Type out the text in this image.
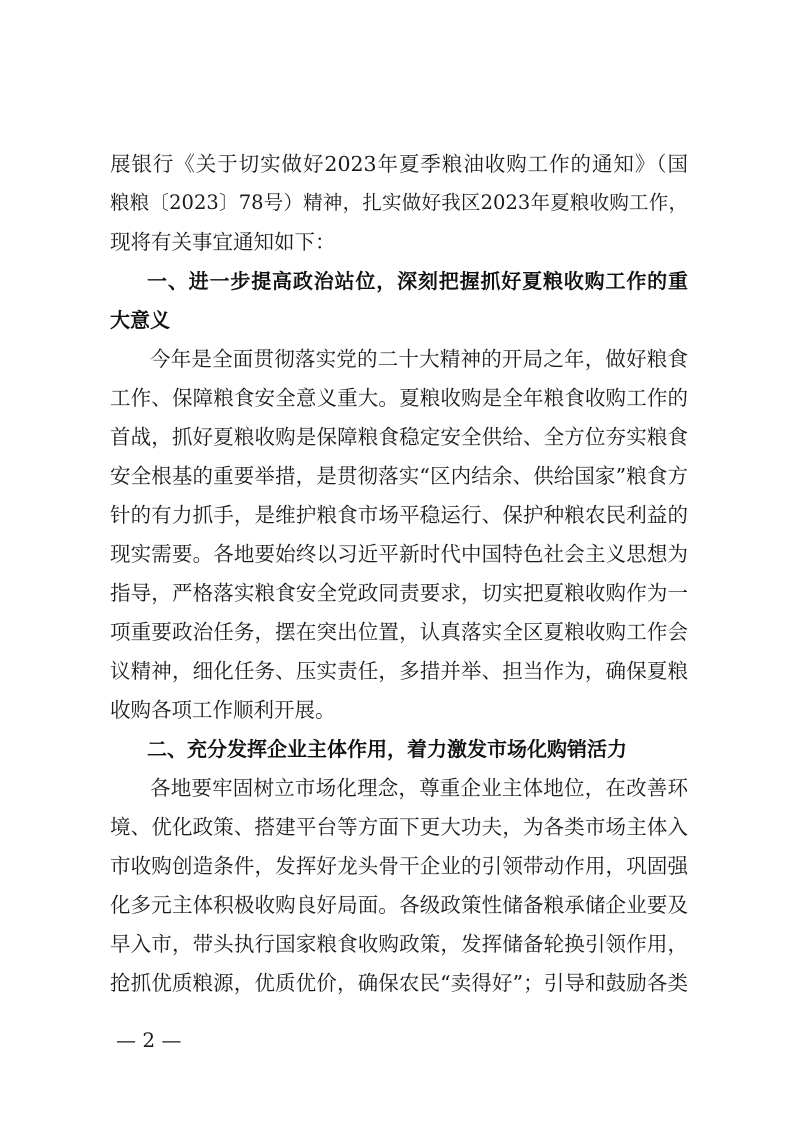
展银行《关于切实做好2023年夏季粮油收购工作的通知》（国
粮粮〔2023〕78号）精神，扎实做好我区2023年夏粮收购工作，
现将有关事宜通知如下：
一、进一步提高政治站位，深刻把握抓好夏粮收购工作的重
大意义
今年是全面贯彻落实党的二十大精神的开局之年，做好粮食
工作、保障粮食安全意义重大。夏粮收购是全年粮食收购工作的
首战，抓好夏粮收购是保障粮食稳定安全供给、全方位夯实粮食
安全根基的重要举措，是贯彻落实“区内结余、供给国家”粮食方
针的有力抓手，是维护粮食市场平稳运行、保护种粮农民利益的
现实需要。各地要始终以习近平新时代中国特色社会主义思想为
指导，严格落实粮食安全党政同责要求，切实把夏粮收购作为一
项重要政治任务，摆在突出位置，认真落实全区夏粮收购工作会
议精神，细化任务、压实责任，多措并举、担当作为，确保夏粮
收购各项工作顺利开展。
二、充分发挥企业主体作用，着力激发市场化购销活力
各地要牢固树立市场化理念，尊重企业主体地位，在改善环
境、优化政策、搭建平台等方面下更大功夫，为各类市场主体入
市收购创造条件，发挥好龙头骨干企业的引领带动作用，巩固强
化多元主体积极收购良好局面。各级政策性储备粮承储企业要及
早入市，带头执行国家粮食收购政策，发挥储备轮换引领作用，
抢抓优质粮源，优质优价，确保农民“卖得好”；引导和鼓励各类
— 2 —
